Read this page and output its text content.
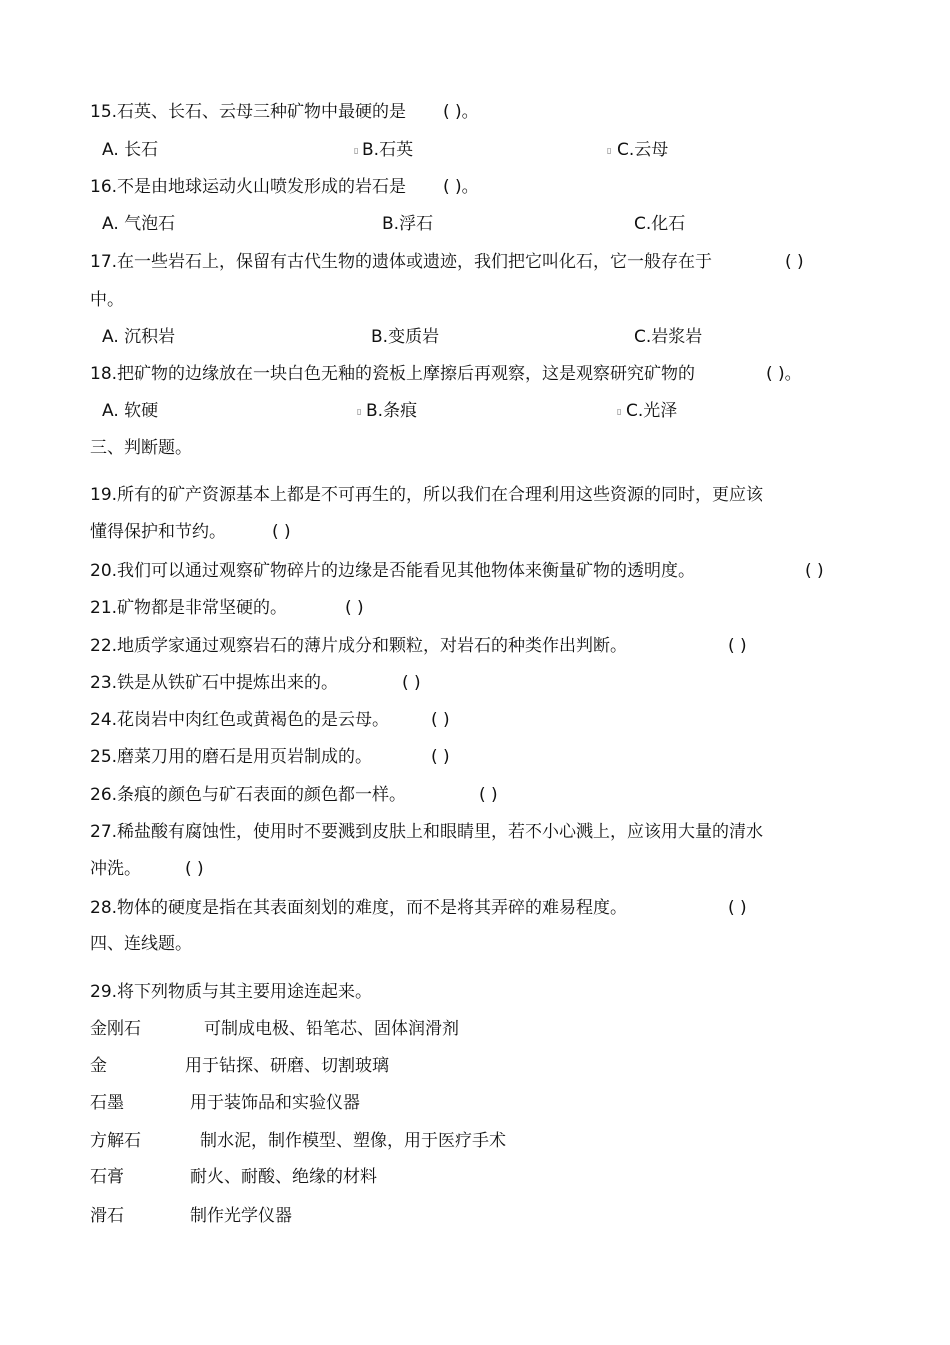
15.石英、长石、云母三种矿物中最硬的是 ( )。
A. 长石	▯ B.石英	▯ C.云母
16.不是由地球运动火山喷发形成的岩石是 ( )。
A. 气泡石	B.浮石	C.化石
17.在一些岩石上，保留有古代生物的遗体或遗迹，我们把它叫化石，它一般存在于	( )
中。
A. 沉积岩	B.变质岩	C.岩浆岩
18.把矿物的边缘放在一块白色无釉的瓷板上摩擦后再观察，这是观察研究矿物的	( )。
A. 软硬	▯ B.条痕	▯ C.光泽
三、判断题。
19.所有的矿产资源基本上都是不可再生的，所以我们在合理利用这些资源的同时，更应该
懂得保护和节约。	( )
20.我们可以通过观察矿物碎片的边缘是否能看见其他物体来衡量矿物的透明度。	( )
21.矿物都是非常坚硬的。	( )
22.地质学家通过观察岩石的薄片成分和颗粒，对岩石的种类作出判断。	( )
23.铁是从铁矿石中提炼出来的。	( )
24.花岗岩中肉红色或黄褐色的是云母。 ( )
25.磨菜刀用的磨石是用页岩制成的。	( )
26.条痕的颜色与矿石表面的颜色都一样。	( )
27.稀盐酸有腐蚀性，使用时不要溅到皮肤上和眼睛里，若不小心溅上，应该用大量的清水
冲洗。	( )
28.物体的硬度是指在其表面刻划的难度，而不是将其弄碎的难易程度。	( )
四、连线题。
29.将下列物质与其主要用途连起来。
金刚石	可制成电极、铅笔芯、固体润滑剂
金	用于钻探、研磨、切割玻璃
石墨	用于装饰品和实验仪器
方解石	制水泥，制作模型、塑像，用于医疗手术
石膏	耐火、耐酸、绝缘的材料
滑石	制作光学仪器
